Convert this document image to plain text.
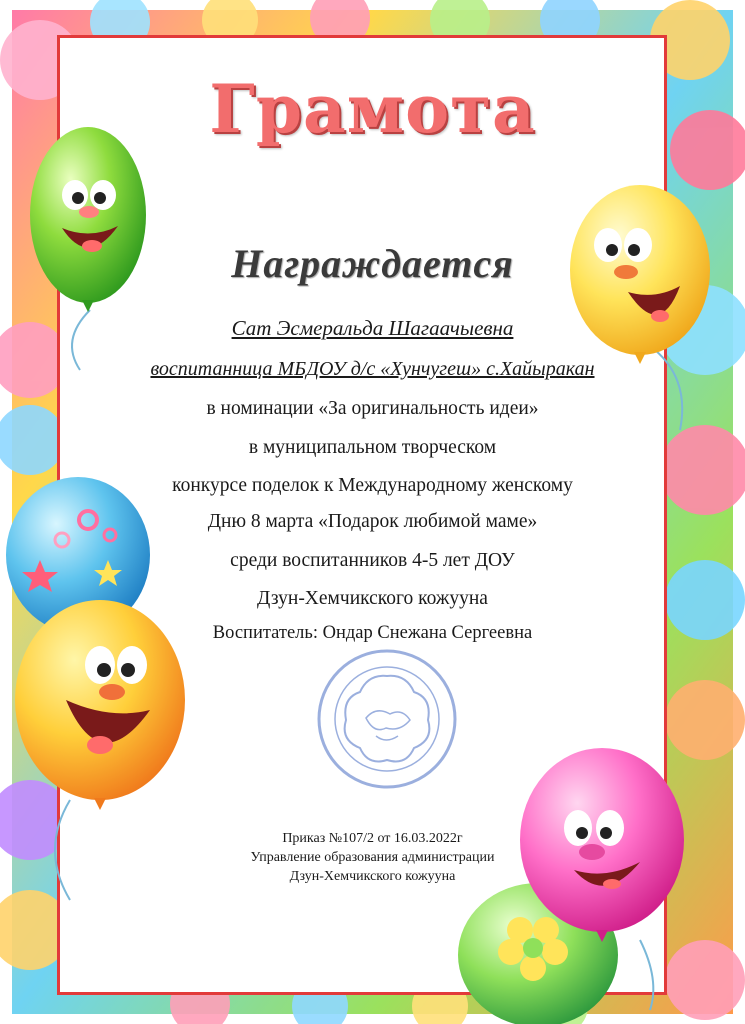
Грамота
Награждается
Сат Эсмеральда Шагаачыевна
воспитанница МБДОУ д/с «Хунчугеш» с.Хайыракан
в номинации «За оригинальность идеи»
в муниципальном творческом
конкурсе поделок к Международному женскому
Дню 8 марта «Подарок любимой маме»
среди воспитанников 4-5 лет ДОУ
Дзун-Хемчикского кожууна
Воспитатель: Ондар Снежана Сергеевна
Приказ №107/2 от 16.03.2022г
Управление образования администрации
Дзун-Хемчикского кожууна
